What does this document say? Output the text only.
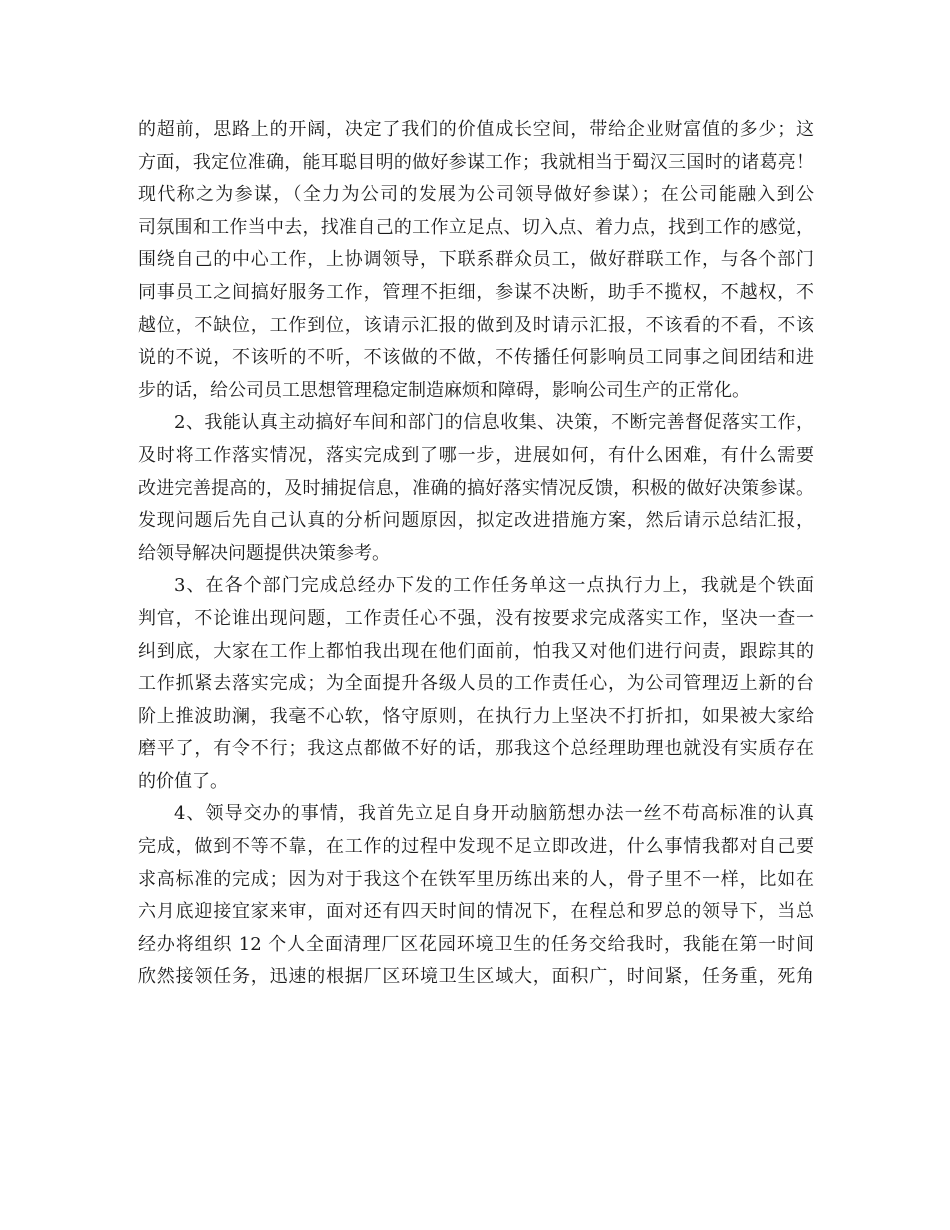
的超前，思路上的开阔，决定了我们的价值成长空间，带给企业财富值的多少；这
方面，我定位准确，能耳聪目明的做好参谋工作；我就相当于蜀汉三国时的诸葛亮！
现代称之为参谋，（全力为公司的发展为公司领导做好参谋）；在公司能融入到公
司氛围和工作当中去，找准自己的工作立足点、切入点、着力点，找到工作的感觉，
围绕自己的中心工作，上协调领导，下联系群众员工，做好群联工作，与各个部门
同事员工之间搞好服务工作，管理不拒细，参谋不决断，助手不揽权，不越权，不
越位，不缺位，工作到位，该请示汇报的做到及时请示汇报，不该看的不看，不该
说的不说，不该听的不听，不该做的不做，不传播任何影响员工同事之间团结和进
步的话，给公司员工思想管理稳定制造麻烦和障碍，影响公司生产的正常化。
2、我能认真主动搞好车间和部门的信息收集、决策，不断完善督促落实工作，
及时将工作落实情况，落实完成到了哪一步，进展如何，有什么困难，有什么需要
改进完善提高的，及时捕捉信息，准确的搞好落实情况反馈，积极的做好决策参谋。
发现问题后先自己认真的分析问题原因，拟定改进措施方案，然后请示总结汇报，
给领导解决问题提供决策参考。
3、在各个部门完成总经办下发的工作任务单这一点执行力上，我就是个铁面
判官，不论谁出现问题，工作责任心不强，没有按要求完成落实工作，坚决一查一
纠到底，大家在工作上都怕我出现在他们面前，怕我又对他们进行问责，跟踪其的
工作抓紧去落实完成；为全面提升各级人员的工作责任心，为公司管理迈上新的台
阶上推波助澜，我毫不心软，恪守原则，在执行力上坚决不打折扣，如果被大家给
磨平了，有令不行；我这点都做不好的话，那我这个总经理助理也就没有实质存在
的价值了。
4、领导交办的事情，我首先立足自身开动脑筋想办法一丝不苟高标准的认真
完成，做到不等不靠，在工作的过程中发现不足立即改进，什么事情我都对自己要
求高标准的完成；因为对于我这个在铁军里历练出来的人，骨子里不一样，比如在
六月底迎接宜家来审，面对还有四天时间的情况下，在程总和罗总的领导下，当总
经办将组织 12 个人全面清理厂区花园环境卫生的任务交给我时，我能在第一时间
欣然接领任务，迅速的根据厂区环境卫生区域大，面积广，时间紧，任务重，死角
